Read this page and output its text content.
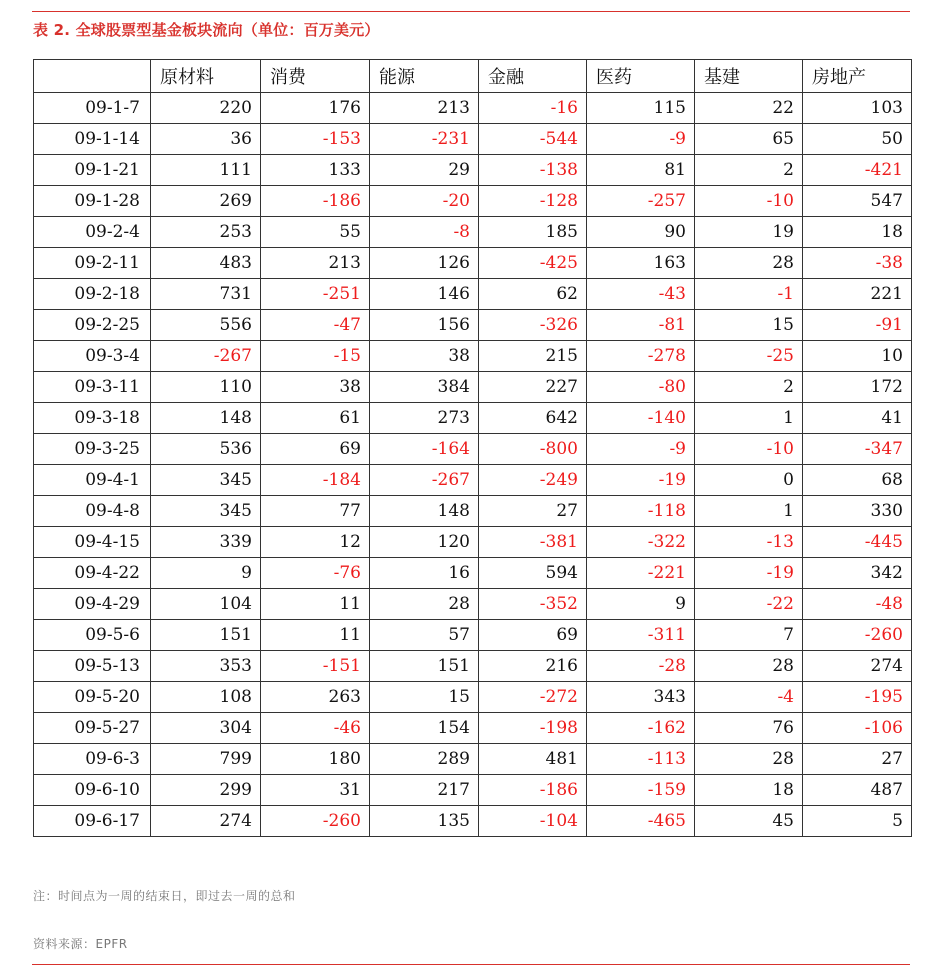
表 2. 全球股票型基金板块流向（单位：百万美元）
	原材料	消费	能源	金融	医药	基建	房地产
09-1-7	220	176	213	-16	115	22	103
09-1-14	36	-153	-231	-544	-9	65	50
09-1-21	111	133	29	-138	81	2	-421
09-1-28	269	-186	-20	-128	-257	-10	547
09-2-4	253	55	-8	185	90	19	18
09-2-11	483	213	126	-425	163	28	-38
09-2-18	731	-251	146	62	-43	-1	221
09-2-25	556	-47	156	-326	-81	15	-91
09-3-4	-267	-15	38	215	-278	-25	10
09-3-11	110	38	384	227	-80	2	172
09-3-18	148	61	273	642	-140	1	41
09-3-25	536	69	-164	-800	-9	-10	-347
09-4-1	345	-184	-267	-249	-19	0	68
09-4-8	345	77	148	27	-118	1	330
09-4-15	339	12	120	-381	-322	-13	-445
09-4-22	9	-76	16	594	-221	-19	342
09-4-29	104	11	28	-352	9	-22	-48
09-5-6	151	11	57	69	-311	7	-260
09-5-13	353	-151	151	216	-28	28	274
09-5-20	108	263	15	-272	343	-4	-195
09-5-27	304	-46	154	-198	-162	76	-106
09-6-3	799	180	289	481	-113	28	27
09-6-10	299	31	217	-186	-159	18	487
09-6-17	274	-260	135	-104	-465	45	5
注：时间点为一周的结束日，即过去一周的总和
资料来源：EPFR
